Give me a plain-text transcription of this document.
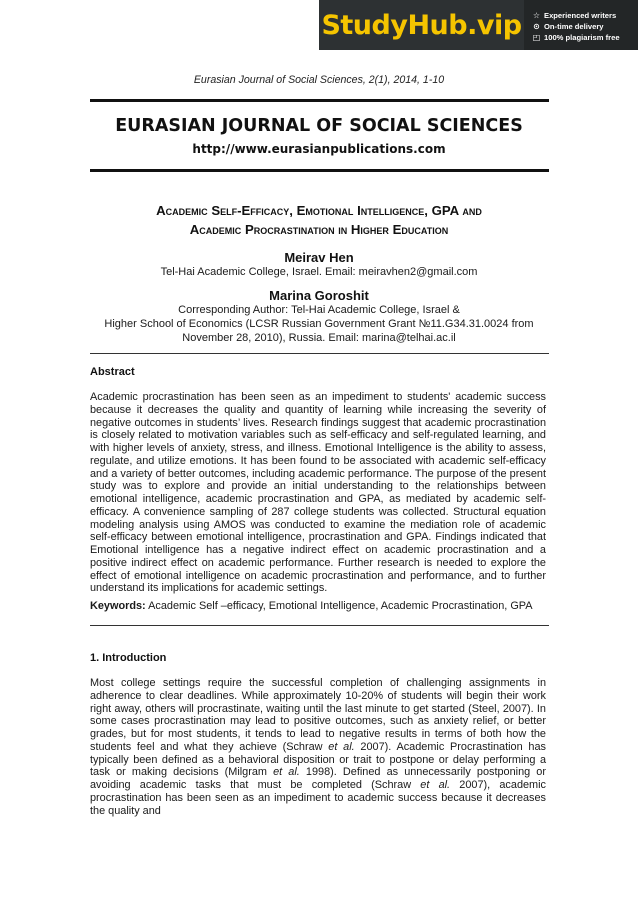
StudyHub.vip	☆ Experienced writers
⊙ On-time delivery
◰ 100% plagiarism free
Eurasian Journal of Social Sciences, 2(1), 2014, 1-10
EURASIAN JOURNAL OF SOCIAL SCIENCES
http://www.eurasianpublications.com
Academic Self-Efficacy, Emotional Intelligence, GPA and
Academic Procrastination in Higher Education
Meirav Hen
Tel-Hai Academic College, Israel. Email: meiravhen2@gmail.com
Marina Goroshit
Corresponding Author: Tel-Hai Academic College, Israel &
Higher School of Economics (LCSR Russian Government Grant №11.G34.31.0024 from
November 28, 2010), Russia. Email: marina@telhai.ac.il
Abstract
Academic procrastination has been seen as an impediment to students' academic success because it decreases the quality and quantity of learning while increasing the severity of negative outcomes in students’ lives. Research findings suggest that academic procrastination is closely related to motivation variables such as self-efficacy and self-regulated learning, and with higher levels of anxiety, stress, and illness. Emotional Intelligence is the ability to assess, regulate, and utilize emotions. It has been found to be associated with academic self-efficacy and a variety of better outcomes, including academic performance. The purpose of the present study was to explore and provide an initial understanding to the relationships between emotional intelligence, academic procrastination and GPA, as mediated by academic self-efficacy. A convenience sampling of 287 college students was collected. Structural equation modeling analysis using AMOS was conducted to examine the mediation role of academic self-efficacy between emotional intelligence, procrastination and GPA. Findings indicated that Emotional intelligence has a negative indirect effect on academic procrastination and a positive indirect effect on academic performance. Further research is needed to explore the effect of emotional intelligence on academic procrastination and performance, and to further understand its implications for academic settings.
Keywords: Academic Self –efficacy, Emotional Intelligence, Academic Procrastination, GPA
1. Introduction
Most college settings require the successful completion of challenging assignments in adherence to clear deadlines. While approximately 10-20% of students will begin their work right away, others will procrastinate, waiting until the last minute to get started (Steel, 2007). In some cases procrastination may lead to positive outcomes, such as anxiety relief, or better grades, but for most students, it tends to lead to negative results in terms of both how the students feel and what they achieve (Schraw et al. 2007). Academic Procrastination has typically been defined as a behavioral disposition or trait to postpone or delay performing a task or making decisions (Milgram et al. 1998). Defined as unnecessarily postponing or avoiding academic tasks that must be completed (Schraw et al. 2007), academic procrastination has been seen as an impediment to academic success because it decreases the quality and
